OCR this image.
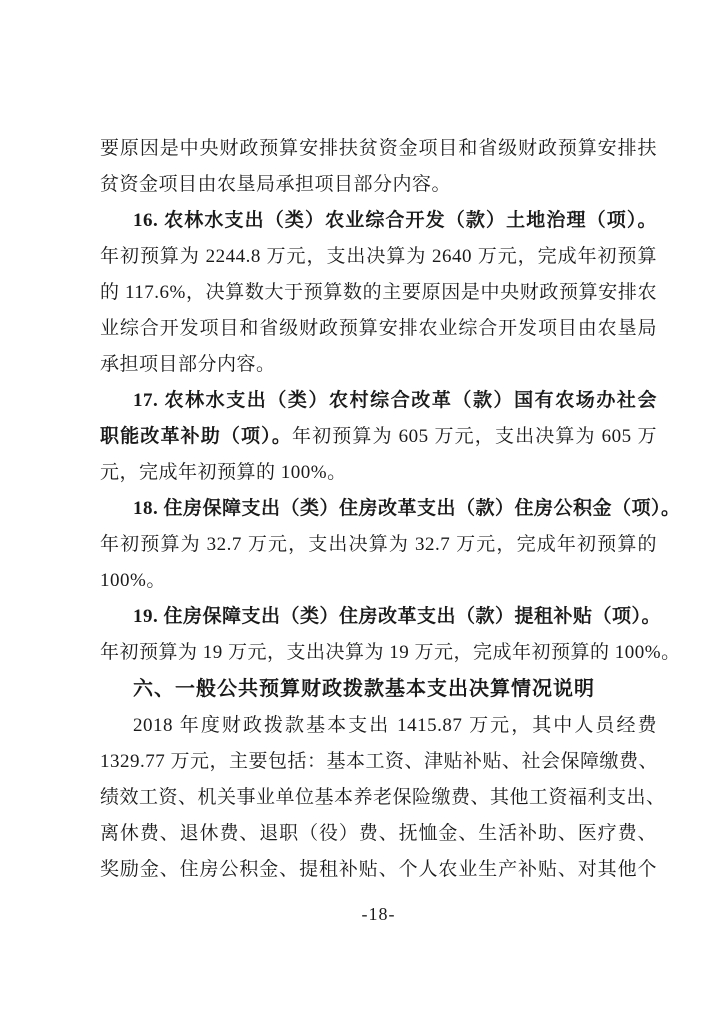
要原因是中央财政预算安排扶贫资金项目和省级财政预算安排扶
贫资金项目由农垦局承担项目部分内容。
16. 农林水支出（类）农业综合开发（款）土地治理（项）。
年初预算为 2244.8 万元，支出决算为 2640 万元，完成年初预算
的 117.6%，决算数大于预算数的主要原因是中央财政预算安排农
业综合开发项目和省级财政预算安排农业综合开发项目由农垦局
承担项目部分内容。
17. 农林水支出（类）农村综合改革（款）国有农场办社会
职能改革补助（项）。年初预算为 605 万元，支出决算为 605 万
元，完成年初预算的 100%。
18. 住房保障支出（类）住房改革支出（款）住房公积金（项）。
年初预算为 32.7 万元，支出决算为 32.7 万元，完成年初预算的
100%。
19. 住房保障支出（类）住房改革支出（款）提租补贴（项）。
年初预算为 19 万元，支出决算为 19 万元，完成年初预算的 100%。
六、一般公共预算财政拨款基本支出决算情况说明
2018 年度财政拨款基本支出 1415.87 万元，其中人员经费
1329.77 万元，主要包括：基本工资、津贴补贴、社会保障缴费、
绩效工资、机关事业单位基本养老保险缴费、其他工资福利支出、
离休费、退休费、退职（役）费、抚恤金、生活补助、医疗费、
奖励金、住房公积金、提租补贴、个人农业生产补贴、对其他个
-18-
